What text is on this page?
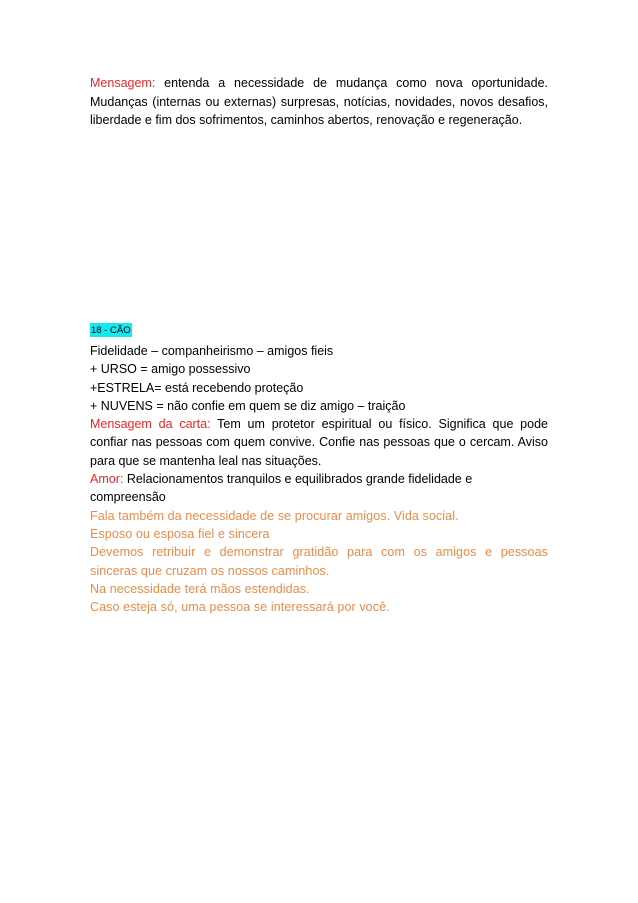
Mensagem: entenda a necessidade de mudança como nova oportunidade. Mudanças (internas ou externas) surpresas, notícias, novidades, novos desafios, liberdade e fim dos sofrimentos, caminhos abertos, renovação e regeneração.

18 - CÃO

Fidelidade – companheirismo – amigos fieis

+ URSO = amigo possessivo

+ESTRELA= está recebendo proteção

+ NUVENS = não confie em quem se diz amigo – traição

Mensagem da carta: Tem um protetor espiritual ou físico. Significa que pode confiar nas pessoas com quem convive. Confie nas pessoas que o cercam. Aviso para que se mantenha leal nas situações.

Amor: Relacionamentos tranquilos e equilibrados grande fidelidade e compreensão

Fala também da necessidade de se procurar amigos. Vida social.

Esposo ou esposa fiel e sincera

Devemos retribuir e demonstrar gratidão para com os amigos e pessoas sinceras que cruzam os nossos caminhos.

Na necessidade terá mãos estendidas.

Caso esteja só, uma pessoa se interessará por você.
